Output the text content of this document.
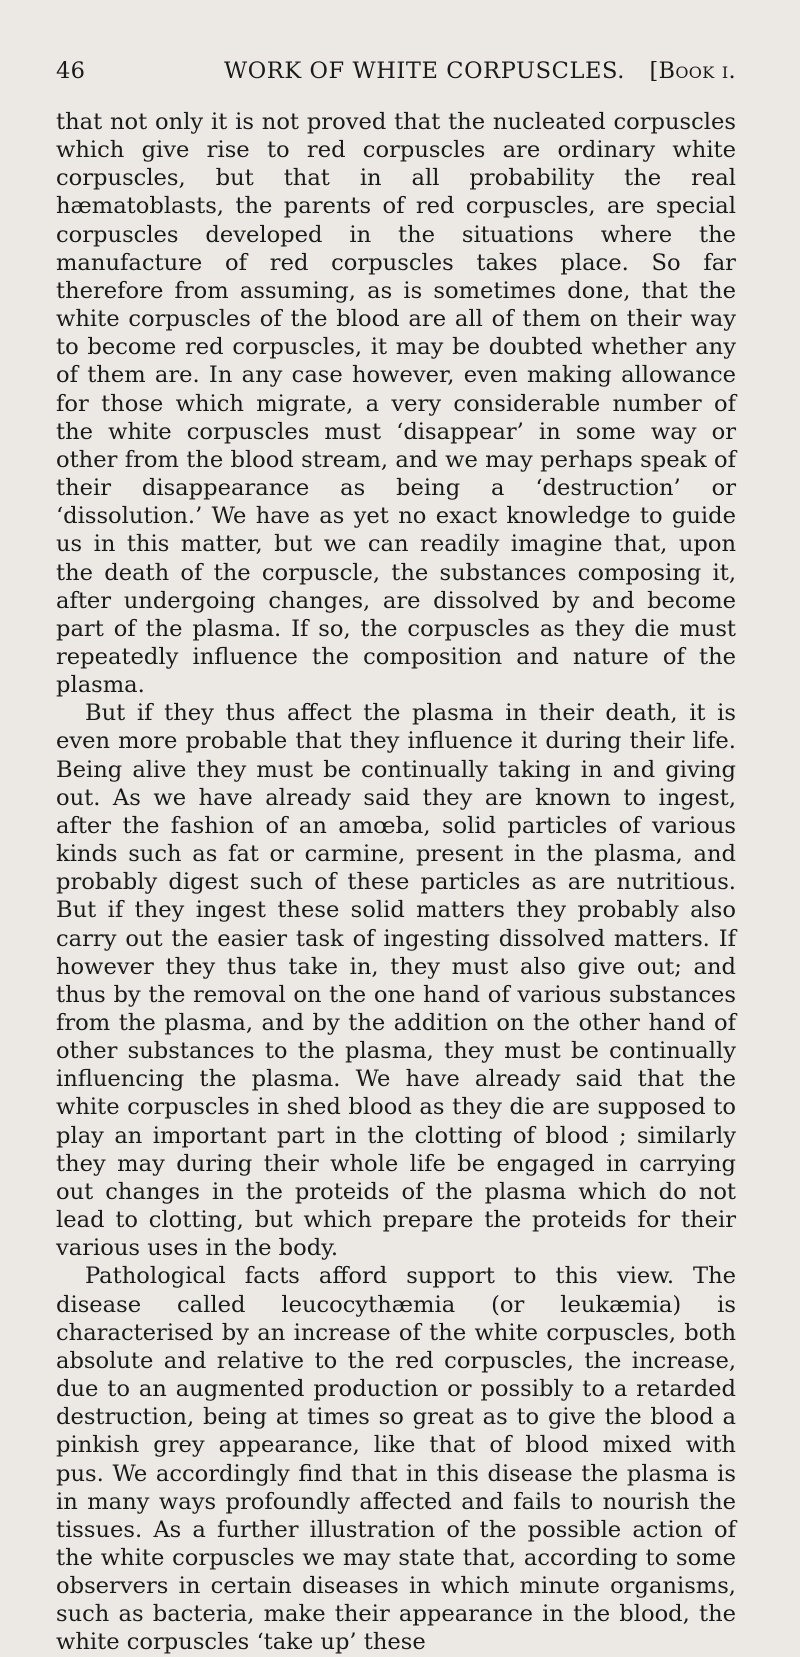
46	WORK OF WHITE CORPUSCLES. [Book i.

that not only it is not proved that the nucleated corpuscles which give rise to red corpuscles are ordinary white corpuscles, but that in all probability the real hæmatoblasts, the parents of red corpuscles, are special corpuscles developed in the situations where the manufacture of red corpuscles takes place. So far therefore from assuming, as is sometimes done, that the white corpuscles of the blood are all of them on their way to become red corpuscles, it may be doubted whether any of them are. In any case however, even making allowance for those which migrate, a very considerable number of the white corpuscles must ‘disappear’ in some way or other from the blood stream, and we may perhaps speak of their disappearance as being a ‘destruction’ or ‘dissolution.’ We have as yet no exact knowledge to guide us in this matter, but we can readily imagine that, upon the death of the corpuscle, the substances composing it, after undergoing changes, are dissolved by and become part of the plasma. If so, the corpuscles as they die must repeatedly influence the composition and nature of the plasma.

But if they thus affect the plasma in their death, it is even more probable that they influence it during their life. Being alive they must be continually taking in and giving out. As we have already said they are known to ingest, after the fashion of an amœba, solid particles of various kinds such as fat or carmine, present in the plasma, and probably digest such of these particles as are nutritious. But if they ingest these solid matters they probably also carry out the easier task of ingesting dissolved matters. If however they thus take in, they must also give out; and thus by the removal on the one hand of various substances from the plasma, and by the addition on the other hand of other substances to the plasma, they must be continually influencing the plasma. We have already said that the white corpuscles in shed blood as they die are supposed to play an important part in the clotting of blood ; similarly they may during their whole life be engaged in carrying out changes in the proteids of the plasma which do not lead to clotting, but which prepare the proteids for their various uses in the body.

Pathological facts afford support to this view. The disease called leucocythæmia (or leukæmia) is characterised by an increase of the white corpuscles, both absolute and relative to the red corpuscles, the increase, due to an augmented production or possibly to a retarded destruction, being at times so great as to give the blood a pinkish grey appearance, like that of blood mixed with pus. We accordingly find that in this disease the plasma is in many ways profoundly affected and fails to nourish the tissues. As a further illustration of the possible action of the white corpuscles we may state that, according to some observers in certain diseases in which minute organisms, such as bacteria, make their appearance in the blood, the white corpuscles ‘take up’ these
